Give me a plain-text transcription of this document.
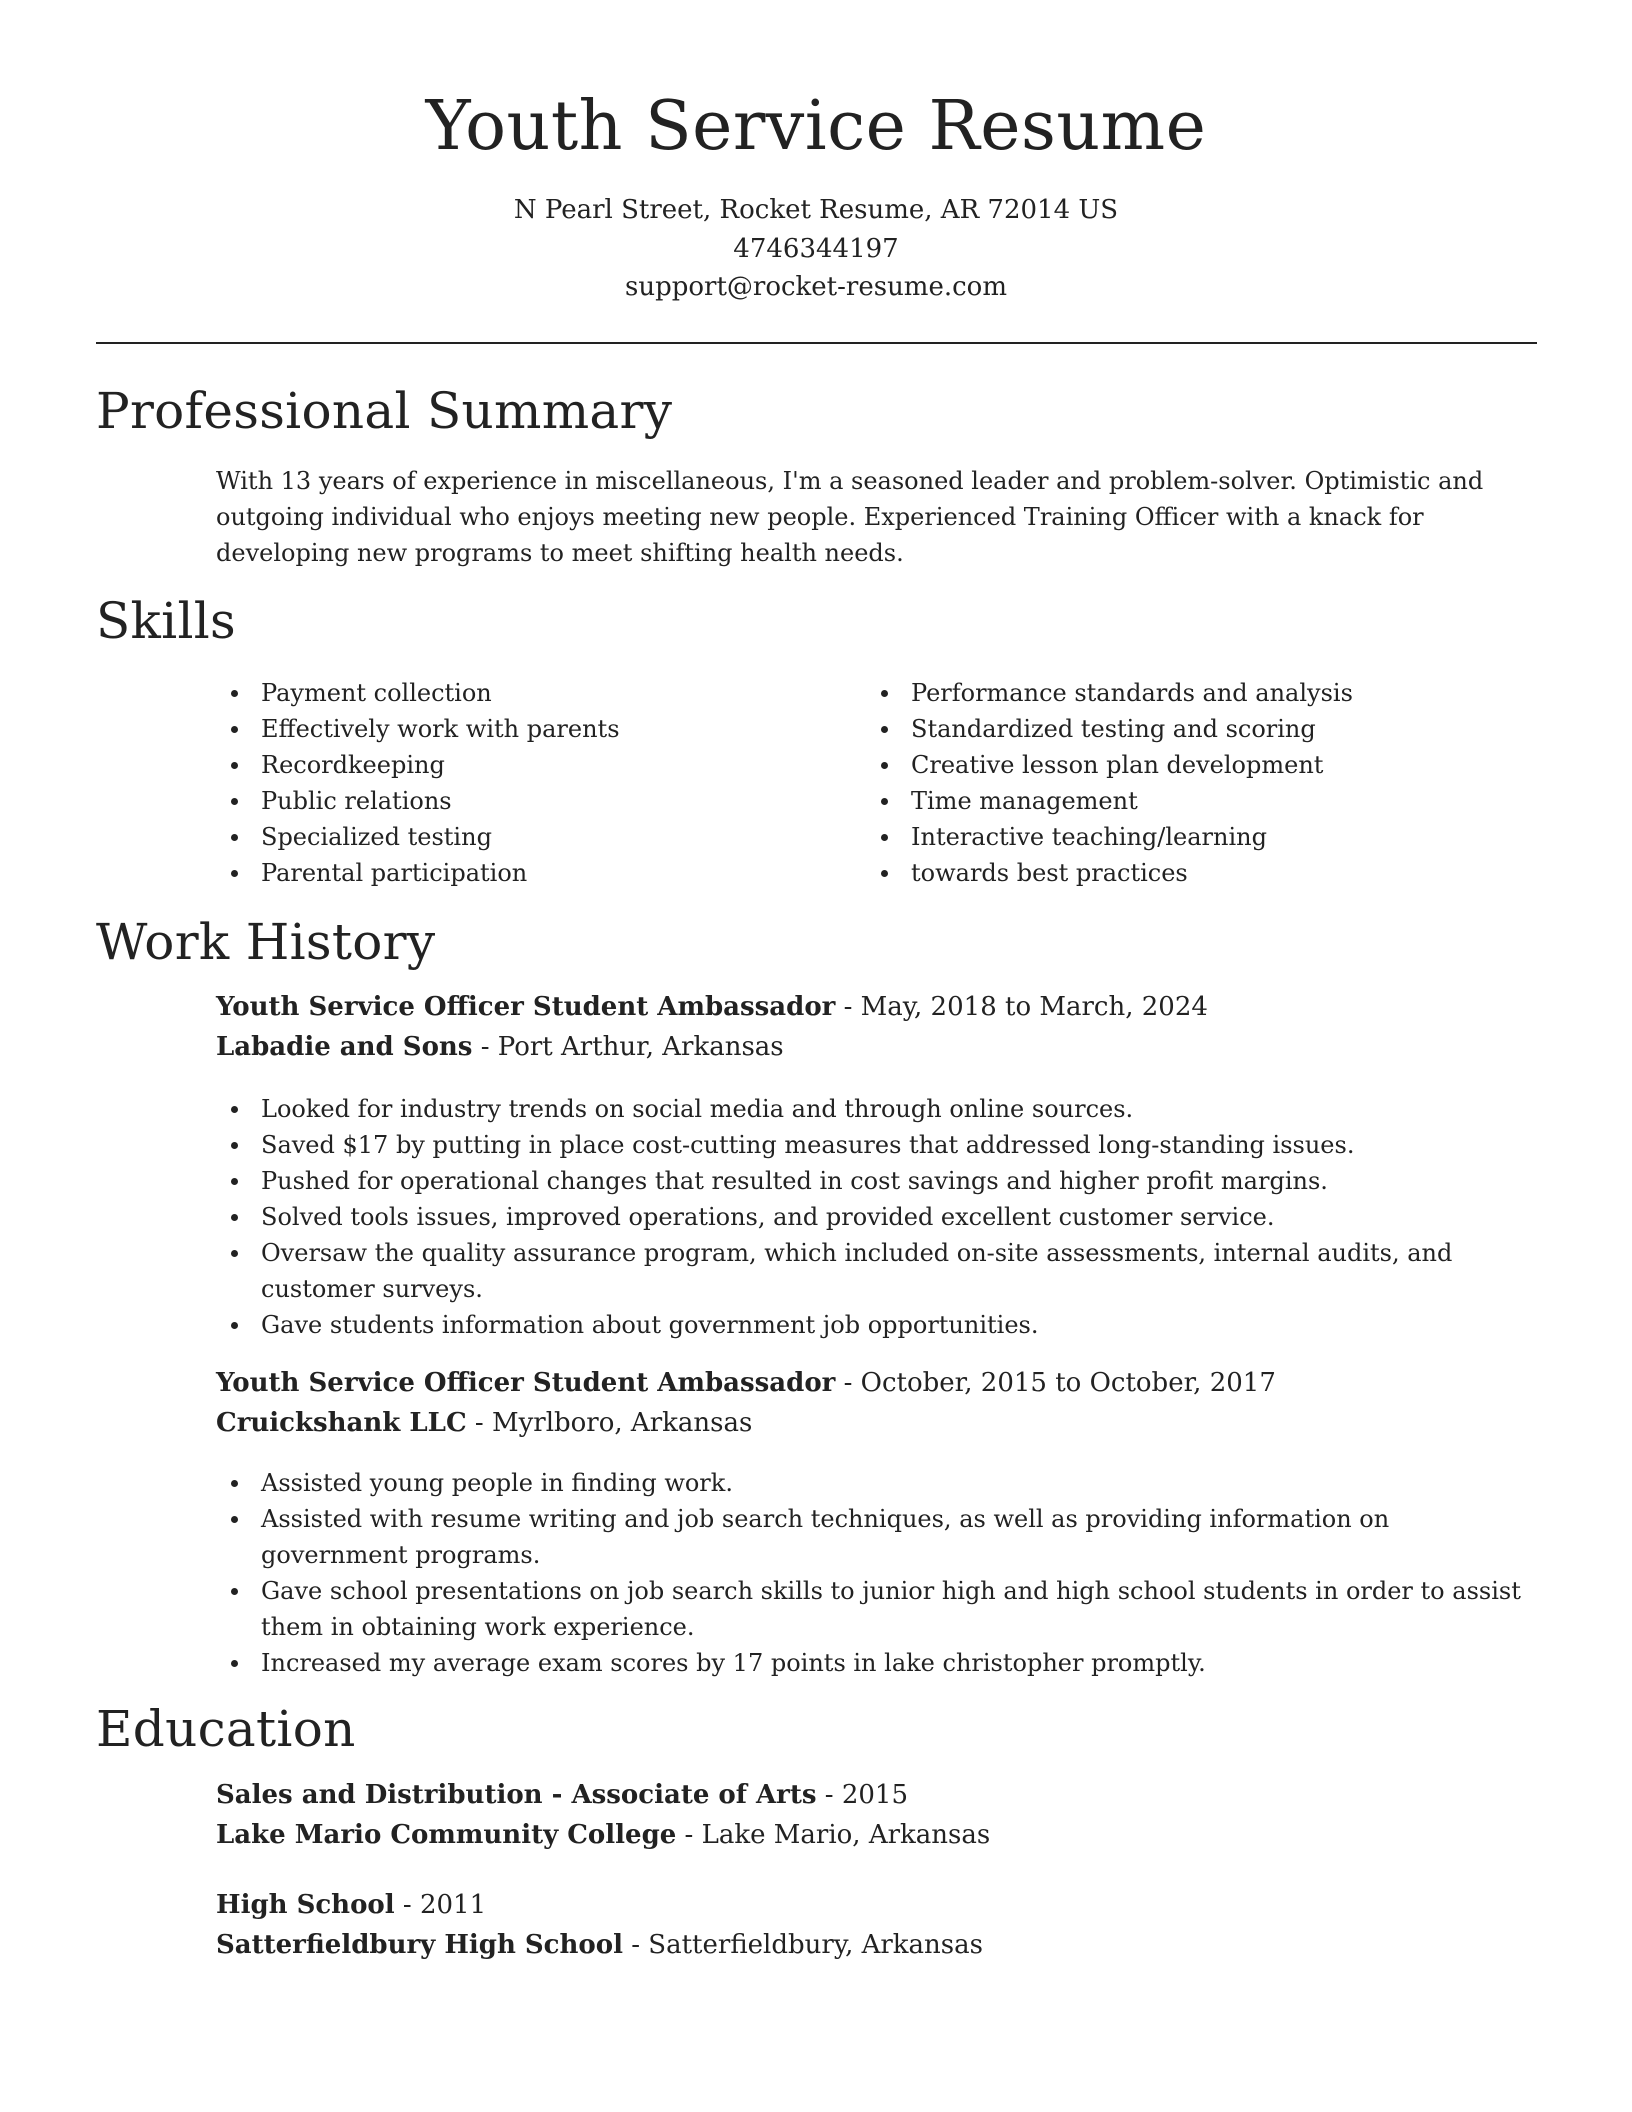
Youth Service Resume
N Pearl Street, Rocket Resume, AR 72014 US
4746344197
support@rocket-resume.com
Professional Summary

With 13 years of experience in miscellaneous, I'm a seasoned leader and problem-solver. Optimistic and outgoing individual who enjoys meeting new people. Experienced Training Officer with a knack for developing new programs to meet shifting health needs.

Skills
Payment collection
Effectively work with parents
Recordkeeping
Public relations
Specialized testing
Parental participation
Performance standards and analysis
Standardized testing and scoring
Creative lesson plan development
Time management
Interactive teaching/learning
towards best practices
Work History
Youth Service Officer Student Ambassador - May, 2018 to March, 2024
Labadie and Sons - Port Arthur, Arkansas
Looked for industry trends on social media and through online sources.
Saved $17 by putting in place cost-cutting measures that addressed long-standing issues.
Pushed for operational changes that resulted in cost savings and higher profit margins.
Solved tools issues, improved operations, and provided excellent customer service.
Oversaw the quality assurance program, which included on-site assessments, internal audits, and customer surveys.
Gave students information about government job opportunities.
Youth Service Officer Student Ambassador - October, 2015 to October, 2017
Cruickshank LLC - Myrlboro, Arkansas
Assisted young people in finding work.
Assisted with resume writing and job search techniques, as well as providing information on government programs.
Gave school presentations on job search skills to junior high and high school students in order to assist them in obtaining work experience.
Increased my average exam scores by 17 points in lake christopher promptly.
Education
Sales and Distribution - Associate of Arts - 2015
Lake Mario Community College - Lake Mario, Arkansas
High School - 2011
Satterfieldbury High School - Satterfieldbury, Arkansas
